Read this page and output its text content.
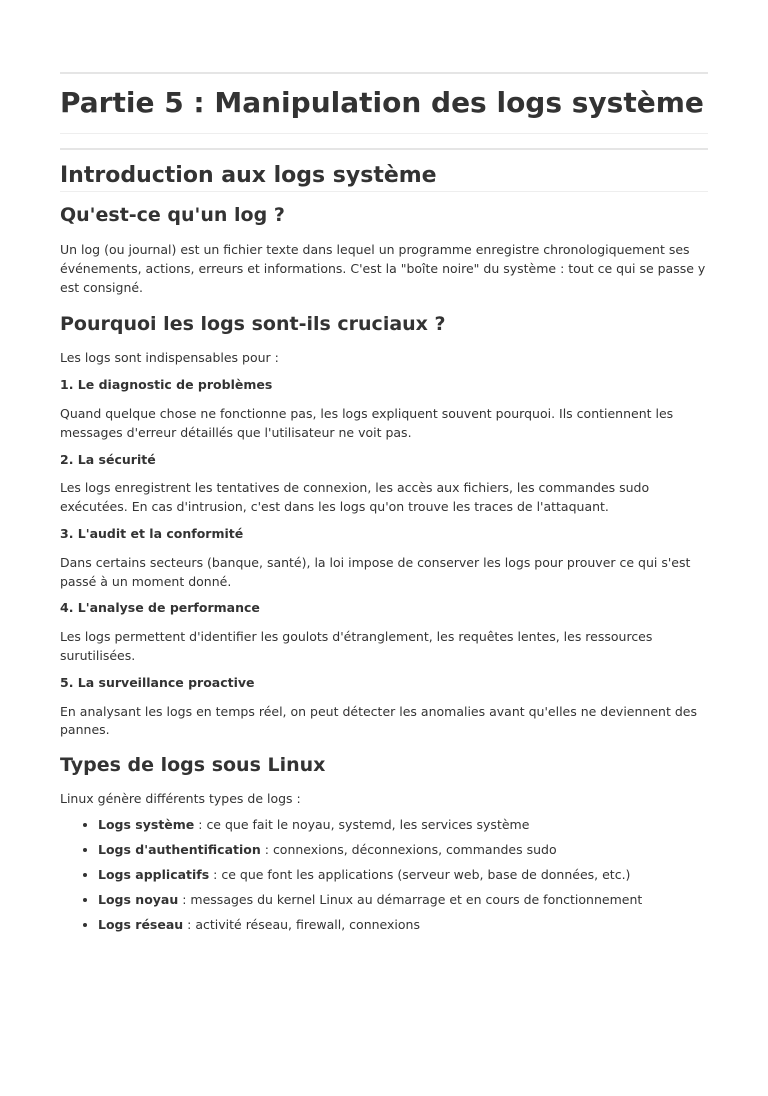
Partie 5 : Manipulation des logs système
Introduction aux logs système
Qu'est-ce qu'un log ?

Un log (ou journal) est un fichier texte dans lequel un programme enregistre chronologiquement ses événements, actions, erreurs et informations. C'est la "boîte noire" du système : tout ce qui se passe y est consigné.

Pourquoi les logs sont-ils cruciaux ?

Les logs sont indispensables pour :

1. Le diagnostic de problèmes

Quand quelque chose ne fonctionne pas, les logs expliquent souvent pourquoi. Ils contiennent les messages d'erreur détaillés que l'utilisateur ne voit pas.

2. La sécurité

Les logs enregistrent les tentatives de connexion, les accès aux fichiers, les commandes sudo exécutées. En cas d'intrusion, c'est dans les logs qu'on trouve les traces de l'attaquant.

3. L'audit et la conformité

Dans certains secteurs (banque, santé), la loi impose de conserver les logs pour prouver ce qui s'est passé à un moment donné.

4. L'analyse de performance

Les logs permettent d'identifier les goulots d'étranglement, les requêtes lentes, les ressources surutilisées.

5. La surveillance proactive

En analysant les logs en temps réel, on peut détecter les anomalies avant qu'elles ne deviennent des pannes.

Types de logs sous Linux

Linux génère différents types de logs :

• Logs système : ce que fait le noyau, systemd, les services système
• Logs d'authentification : connexions, déconnexions, commandes sudo
• Logs applicatifs : ce que font les applications (serveur web, base de données, etc.)
• Logs noyau : messages du kernel Linux au démarrage et en cours de fonctionnement
• Logs réseau : activité réseau, firewall, connexions
